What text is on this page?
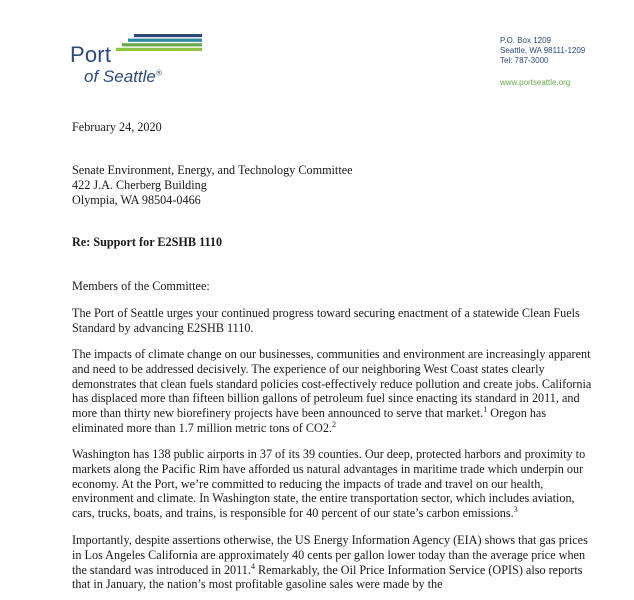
Port
of Seattle®
P.O. Box 1209
Seattle, WA 98111-1209
Tel: 787-3000
www.portseattle.org
February 24, 2020
Senate Environment, Energy, and Technology Committee
422 J.A. Cherberg Building
Olympia, WA 98504-0466
Re: Support for E2SHB 1110
Members of the Committee:

The Port of Seattle urges your continued progress toward securing enactment of a statewide Clean Fuels Standard by advancing E2SHB 1110.

The impacts of climate change on our businesses, communities and environment are increasingly apparent and need to be addressed decisively. The experience of our neighboring West Coast states clearly demonstrates that clean fuels standard policies cost-effectively reduce pollution and create jobs. California has displaced more than fifteen billion gallons of petroleum fuel since enacting its standard in 2011, and more than thirty new biorefinery projects have been announced to serve that market.$^1$ Oregon has eliminated more than 1.7 million metric tons of CO2.$^2$

Washington has 138 public airports in 37 of its 39 counties. Our deep, protected harbors and proximity to markets along the Pacific Rim have afforded us natural advantages in maritime trade which underpin our economy. At the Port, we’re committed to reducing the impacts of trade and travel on our health, environment and climate. In Washington state, the entire transportation sector, which includes aviation, cars, trucks, boats, and trains, is responsible for 40 percent of our state’s carbon emissions.$^3$

Importantly, despite assertions otherwise, the US Energy Information Agency (EIA) shows that gas prices in Los Angeles California are approximately 40 cents per gallon lower today than the average price when the standard was introduced in 2011.$^4$ Remarkably, the Oil Price Information Service (OPIS) also reports that in January, the nation’s most profitable gasoline sales were made by the
